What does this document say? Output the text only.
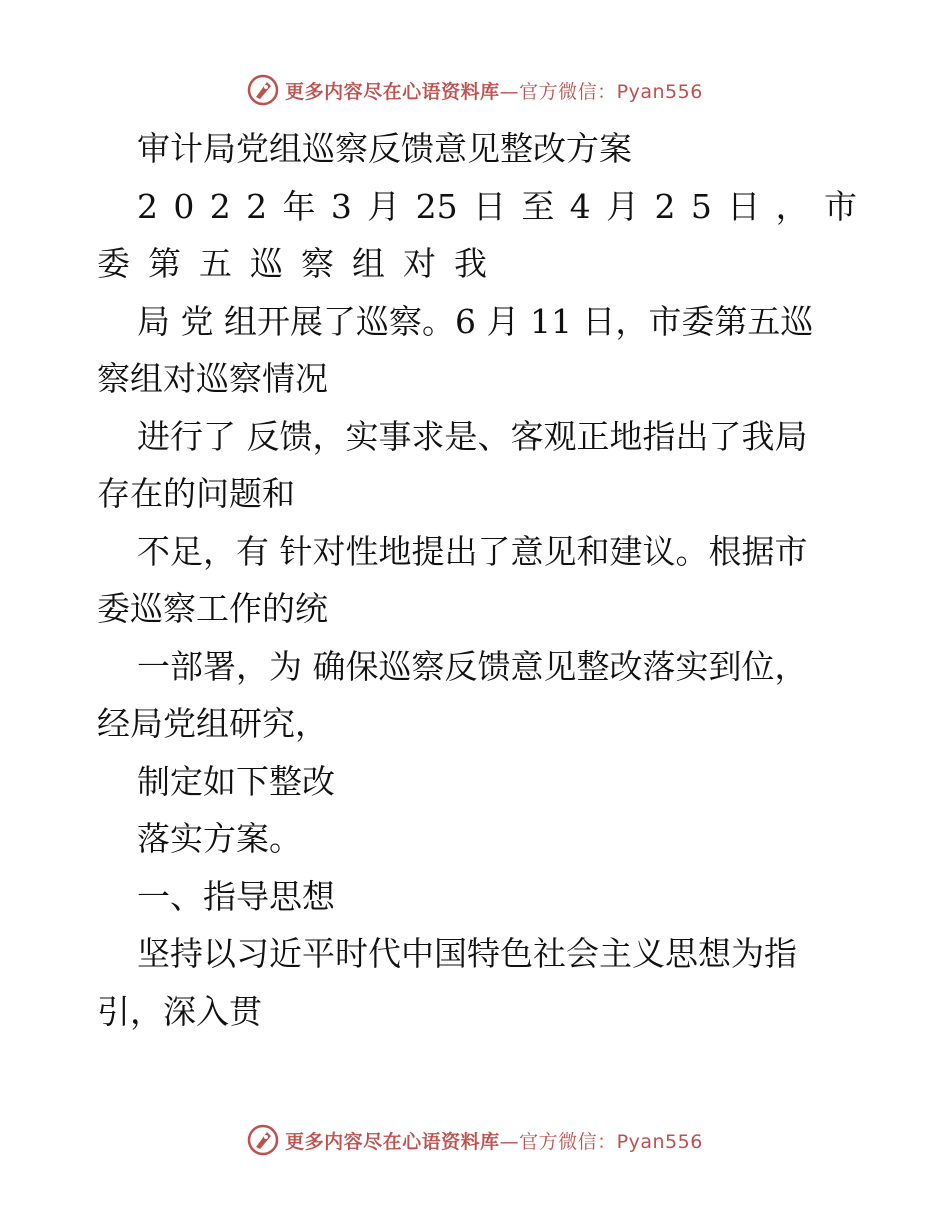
更多内容尽在心语资料库—官方微信：Pyan556
审计局党组巡察反馈意见整改方案
2 0 2 2 年 3 月 25 日 至 4 月 2 5 日 ， 市
委 第 五 巡 察 组 对 我
局 党 组开展了巡察。6 月 11 日，市委第五巡
察组对巡察情况
进行了 反馈，实事求是、客观正地指出了我局
存在的问题和
不足，有 针对性地提出了意见和建议。根据市
委巡察工作的统
一部署，为 确保巡察反馈意见整改落实到位，
经局党组研究，
制定如下整改
落实方案。
一、指导思想
坚持以习近平时代中国特色社会主义思想为指
引，深入贯
更多内容尽在心语资料库—官方微信：Pyan556
